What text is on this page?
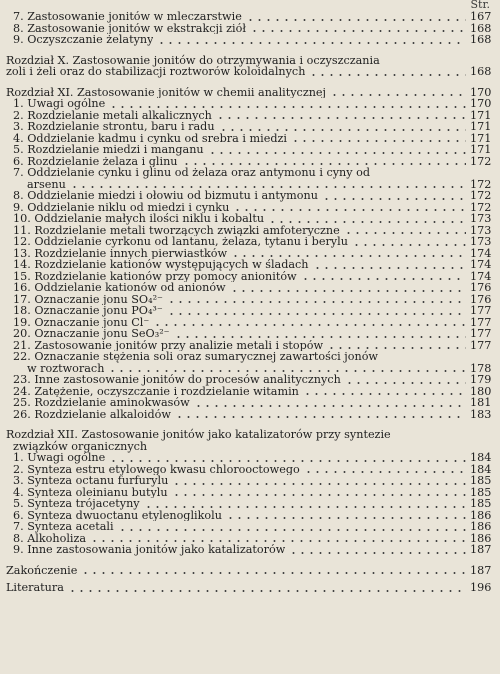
Str.
7. Zastosowanie jonitów w mleczarstwie	167
8. Zastosowanie jonitów w ekstrakcji ziół	168
9. Oczyszczanie żelatyny	168
Rozdział X. Zastosowanie jonitów do otrzymywania i oczyszczania
zoli i żeli oraz do stabilizacji roztworów koloidalnych	168
Rozdział XI. Zastosowanie jonitów w chemii analitycznej	170
1. Uwagi ogólne	170
2. Rozdzielanie metali alkalicznych	171
3. Rozdzielanie strontu, baru i radu	171
4. Oddzielanie kadmu i cynku od srebra i miedzi	171
5. Rozdzielanie miedzi i manganu	171
6. Rozdzielanie żelaza i glinu	172
7. Oddzielanie cynku i glinu od żelaza oraz antymonu i cyny od
arsenu	172
8. Oddzielanie miedzi i ołowiu od bizmutu i antymonu	172
9. Oddzielanie niklu od miedzi i cynku	172
10. Oddzielanie małych ilości niklu i kobaltu	173
11. Rozdzielanie metali tworzących związki amfoteryczne	173
12. Oddzielanie cyrkonu od lantanu, żelaza, tytanu i berylu	173
13. Rozdzielanie innych pierwiastków	174
14. Rozdzielanie kationów występujących w śladach	174
15. Rozdzielanie kationów przy pomocy anionitów	174
16. Oddzielanie kationów od anionów	176
17. Oznaczanie jonu SO₄²⁻	176
18. Oznaczanie jonu PO₄³⁻	177
19. Oznaczanie jonu Cl⁻	177
20. Oznaczanie jonu SeO₃²⁻	177
21. Zastosowanie jonitów przy analizie metali i stopów	177
22. Oznaczanie stężenia soli oraz sumarycznej zawartości jonów
w roztworach	178
23. Inne zastosowanie jonitów do procesów analitycznych	179
24. Zatężenie, oczyszczanie i rozdzielanie witamin	180
25. Rozdzielanie aminokwasów	181
26. Rozdzielanie alkaloidów	183
Rozdział XII. Zastosowanie jonitów jako katalizatorów przy syntezie
związków organicznych
1. Uwagi ogólne	184
2. Synteza estru etylowego kwasu chlorooctowego	184
3. Synteza octanu furfurylu	185
4. Synteza oleinianu butylu	185
5. Synteza trójacetyny	185
6. Synteza dwuoctanu etylenoglikolu	186
7. Synteza acetali	186
8. Alkoholiza	186
9. Inne zastosowania jonitów jako katalizatorów	187
Zakończenie	187
Literatura	196
